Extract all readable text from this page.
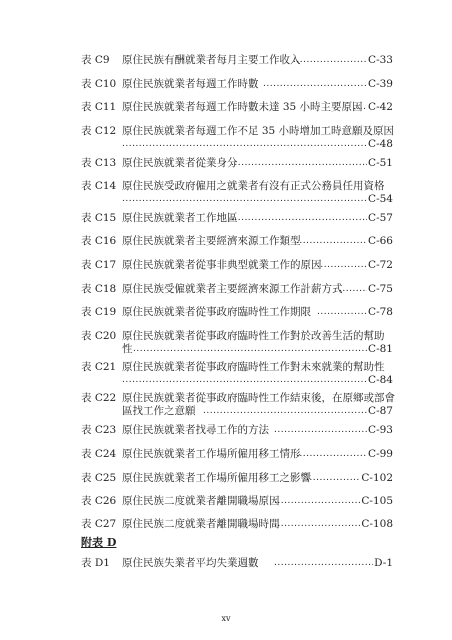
表 C9 原住民族有酬就業者每月主要工作收入 .....	C-33
表 C10 原住民族就業者每週工作時數 .....	C-39
表 C11 原住民族就業者每週工作時數未達 35 小時主要原因 ..... C-42
表 C12 原住民族就業者每週工作不足 35 小時增加工時意願及原因
.....
C-48
表 C13 原住民族就業者從業身分 .....	C-51
表 C14 原住民族受政府僱用之就業者有沒有正式公務員任用資格
.....
C-54
表 C15 原住民族就業者工作地區 .....	C-57
表 C16 原住民族就業者主要經濟來源工作類型 .....	C-66
表 C17 原住民族就業者從事非典型就業工作的原因 .....	C-72
表 C18 原住民族受僱就業者主要經濟來源工作計薪方式 ..... C-75
表 C19 原住民族就業者從事政府臨時性工作期限 .....	C-78
表 C20 原住民族就業者從事政府臨時性工作對於改善生活的幫助
性 .....	C-81
表 C21 原住民族就業者從事政府臨時性工作對未來就業的幫助性
.....
C-84
表 C22 原住民族就業者從事政府臨時性工作結束後，在原鄉或部會
區找工作之意願 .....	C-87
表 C23 原住民族就業者找尋工作的方法 .....	C-93
表 C24 原住民族就業者工作場所僱用移工情形 .....	C-99
表 C25 原住民族就業者工作場所僱用移工之影響 .....	C-102
表 C26 原住民族二度就業者離開職場原因 .....	C-105
表 C27 原住民族二度就業者離開職場時間 .....	C-108
附表 D
表 D1 原住民族失業者平均失業週數 .....	D-1
xv
